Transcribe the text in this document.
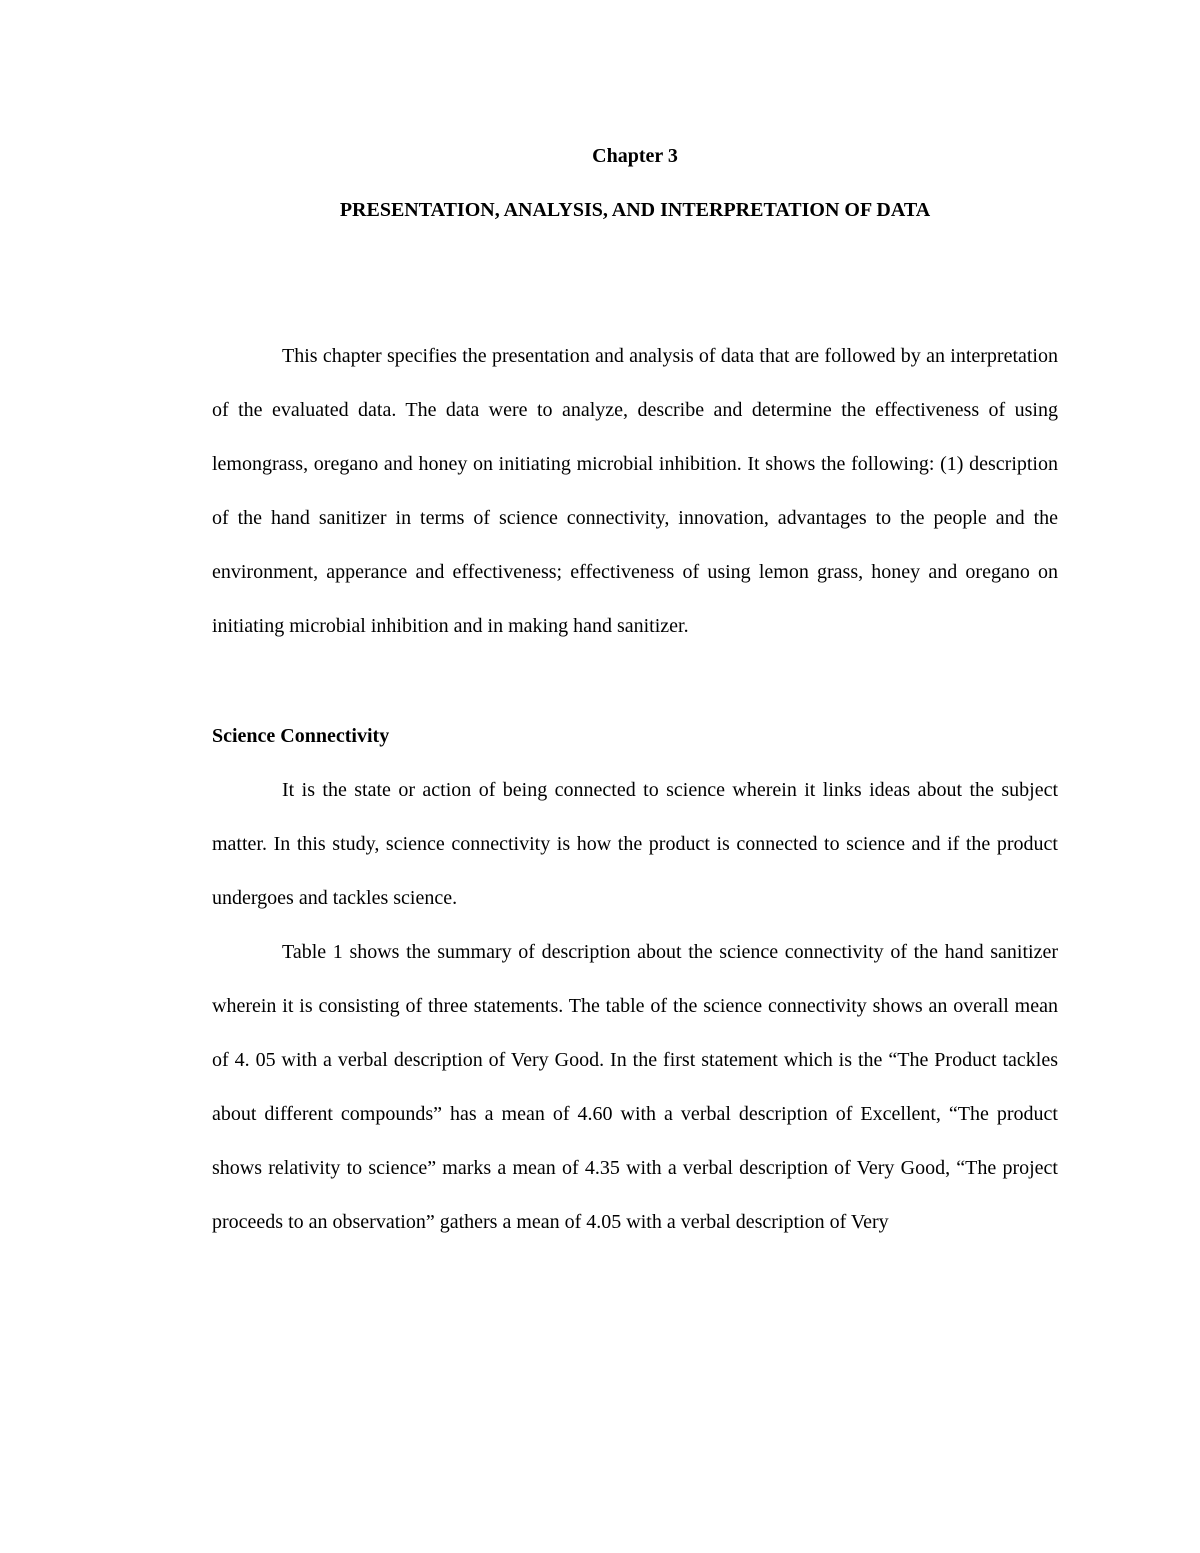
Chapter 3

PRESENTATION, ANALYSIS, AND INTERPRETATION OF DATA

This chapter specifies the presentation and analysis of data that are followed by an interpretation of the evaluated data. The data were to analyze, describe and determine the effectiveness of using lemongrass, oregano and honey on initiating microbial inhibition. It shows the following: (1) description of the hand sanitizer in terms of science connectivity, innovation, advantages to the people and the environment, apperance and effectiveness; effectiveness of using lemon grass, honey and oregano on initiating microbial inhibition and in making hand sanitizer.

Science Connectivity

It is the state or action of being connected to science wherein it links ideas about the subject matter. In this study, science connectivity is how the product is connected to science and if the product undergoes and tackles science.

Table 1 shows the summary of description about the science connectivity of the hand sanitizer wherein it is consisting of three statements. The table of the science connectivity shows an overall mean of 4. 05 with a verbal description of Very Good. In the first statement which is the “The Product tackles about different compounds” has a mean of 4.60 with a verbal description of Excellent, “The product shows relativity to science” marks a mean of 4.35 with a verbal description of Very Good, “The project proceeds to an observation” gathers a mean of 4.05 with a verbal description of Very
